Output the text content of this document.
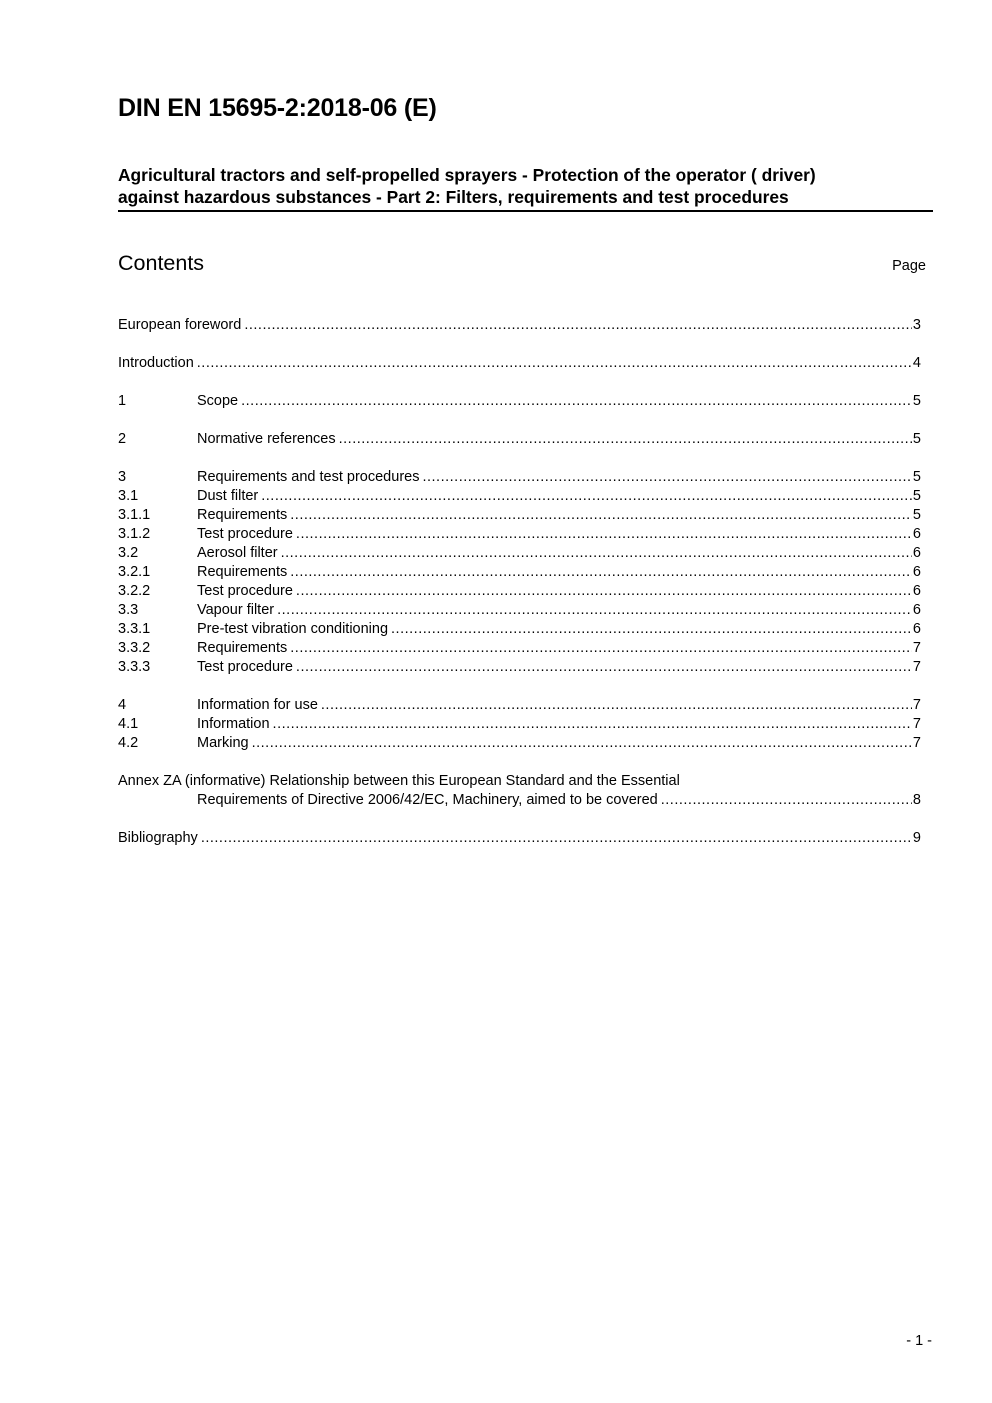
DIN EN 15695-2:2018-06 (E)
Agricultural tractors and self-propelled sprayers - Protection of the operator ( driver)
against hazardous substances - Part 2: Filters, requirements and test procedures
Contents	Page
European foreword .....	3
Introduction .....	4
1	Scope .....	5
2	Normative references .....	5
3	Requirements and test procedures .....	5
3.1	Dust filter .....	5
3.1.1	Requirements .....	5
3.1.2	Test procedure .....	6
3.2	Aerosol filter .....	6
3.2.1	Requirements .....	6
3.2.2	Test procedure .....	6
3.3	Vapour filter .....	6
3.3.1	Pre-test vibration conditioning .....	6
3.3.2	Requirements .....	7
3.3.3	Test procedure .....	7
4	Information for use .....	7
4.1	Information .....	7
4.2	Marking .....	7
Annex ZA (informative) Relationship between this European Standard and the Essential
Requirements of Directive 2006/42/EC, Machinery, aimed to be covered .....	8
Bibliography .....	9
- 1 -
